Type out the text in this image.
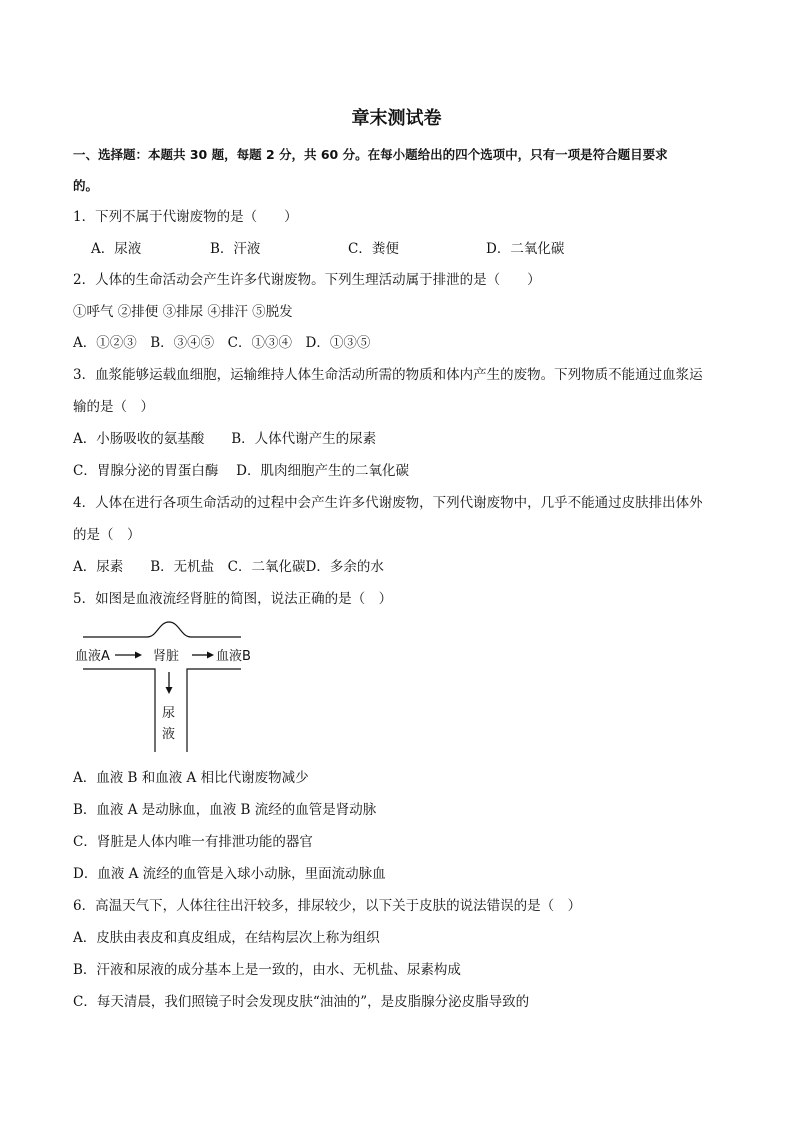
章末测试卷
一、选择题：本题共 30 题，每题 2 分，共 60 分。在每小题给出的四个选项中，只有一项是符合题目要求
的。
1．下列不属于代谢废物的是（　　）
A．尿液	B．汗液	C．粪便	D．二氧化碳
2．人体的生命活动会产生许多代谢废物。下列生理活动属于排泄的是（　　）
①呼气 ②排便 ③排尿 ④排汗 ⑤脱发
A．①②③　B．③④⑤　C．①③④　D．①③⑤
3．血浆能够运载血细胞，运输维持人体生命活动所需的物质和体内产生的废物。下列物质不能通过血浆运
输的是（　）
A．小肠吸收的氨基酸　　B．人体代谢产生的尿素
C．胃腺分泌的胃蛋白酶　 D．肌肉细胞产生的二氧化碳
4．人体在进行各项生命活动的过程中会产生许多代谢废物，下列代谢废物中，几乎不能通过皮肤排出体外
的是（　）
A．尿素　　B．无机盐　C．二氧化碳D．多余的水
5．如图是血液流经肾脏的简图，说法正确的是（　）
血液A	肾脏	血液B
尿
液
A．血液 B 和血液 A 相比代谢废物减少
B．血液 A 是动脉血，血液 B 流经的血管是肾动脉
C．肾脏是人体内唯一有排泄功能的器官
D．血液 A 流经的血管是入球小动脉，里面流动脉血
6．高温天气下，人体往往出汗较多，排尿较少，以下关于皮肤的说法错误的是（　）
A．皮肤由表皮和真皮组成，在结构层次上称为组织
B．汗液和尿液的成分基本上是一致的，由水、无机盐、尿素构成
C．每天清晨，我们照镜子时会发现皮肤“油油的”，是皮脂腺分泌皮脂导致的
